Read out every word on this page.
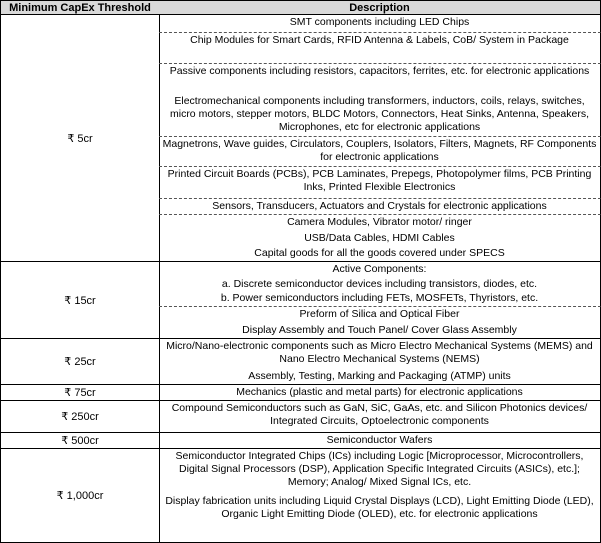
Minimum CapEx Threshold	Description
₹ 5cr
SMT components including LED Chips
Chip Modules for Smart Cards, RFID Antenna & Labels, CoB/ System in Package
Passive components including resistors, capacitors, ferrites, etc. for electronic applications
Electromechanical components including transformers, inductors, coils, relays, switches, micro motors, stepper motors, BLDC Motors, Connectors, Heat Sinks, Antenna, Speakers, Microphones, etc for electronic applications
Magnetrons, Wave guides, Circulators, Couplers, Isolators, Filters, Magnets, RF Components for electronic applications
Printed Circuit Boards (PCBs), PCB Laminates, Prepegs, Photopolymer films, PCB Printing Inks, Printed Flexible Electronics
Sensors, Transducers, Actuators and Crystals for electronic applications
Camera Modules, Vibrator motor/ ringer
USB/Data Cables, HDMI Cables
Capital goods for all the goods covered under SPECS
₹ 15cr
Active Components:
a. Discrete semiconductor devices including transistors, diodes, etc.
b. Power semiconductors including FETs, MOSFETs, Thyristors, etc.
Preform of Silica and Optical Fiber
Display Assembly and Touch Panel/ Cover Glass Assembly
₹ 25cr
Micro/Nano-electronic components such as Micro Electro Mechanical Systems (MEMS) and Nano Electro Mechanical Systems (NEMS)
Assembly, Testing, Marking and Packaging (ATMP) units
₹ 75cr	Mechanics (plastic and metal parts) for electronic applications
₹ 250cr
Compound Semiconductors such as GaN, SiC, GaAs, etc. and Silicon Photonics devices/ Integrated Circuits, Optoelectronic components
₹ 500cr	Semiconductor Wafers
₹ 1,000cr
Semiconductor Integrated Chips (ICs) including Logic [Microprocessor, Microcontrollers, Digital Signal Processors (DSP), Application Specific Integrated Circuits (ASICs), etc.]; Memory; Analog/ Mixed Signal ICs, etc.
Display fabrication units including Liquid Crystal Displays (LCD), Light Emitting Diode (LED), Organic Light Emitting Diode (OLED), etc. for electronic applications
